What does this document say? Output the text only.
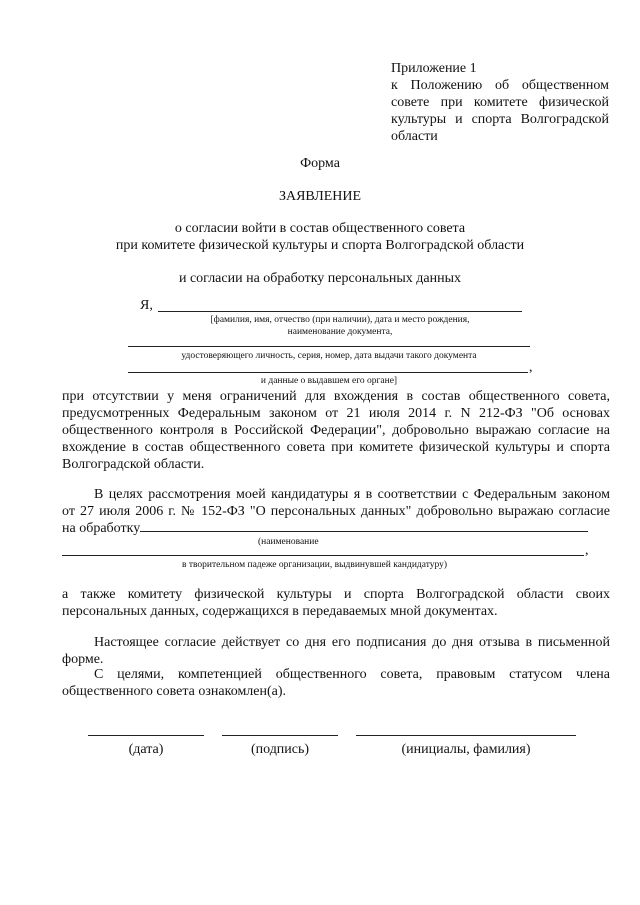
Приложение 1
к Положению об общественном
совете при комитете физической
культуры и спорта Волгоградской
области
Форма
ЗАЯВЛЕНИЕ
о согласии войти в состав общественного совета
при комитете физической культуры и спорта Волгоградской области
и согласии на обработку персональных данных
Я,
[фамилия, имя, отчество (при наличии), дата и место рождения,
наименование документа,
удостоверяющего личность, серия, номер, дата выдачи такого документа
,
и данные о выдавшем его органе]
при отсутствии у меня ограничений для вхождения в состав общественного совета,
предусмотренных Федеральным законом от 21 июля 2014 г. N 212-ФЗ "Об основах
общественного контроля в Российской Федерации", добровольно выражаю согласие на
вхождение в состав общественного совета при комитете физической культуры и спорта
Волгоградской области.
В целях рассмотрения моей кандидатуры я в соответствии с Федеральным законом
от 27 июля 2006 г. № 152-ФЗ "О персональных данных" добровольно выражаю согласие
на обработку
(наименование
,
в творительном падеже организации, выдвинувшей кандидатуру)
а также комитету физической культуры и спорта Волгоградской области своих
персональных данных, содержащихся в передаваемых мной документах.
Настоящее согласие действует со дня его подписания до дня отзыва в письменной
форме.
С целями, компетенцией общественного совета, правовым статусом члена
общественного совета ознакомлен(а).
(дата)	(подпись)	(инициалы, фамилия)
